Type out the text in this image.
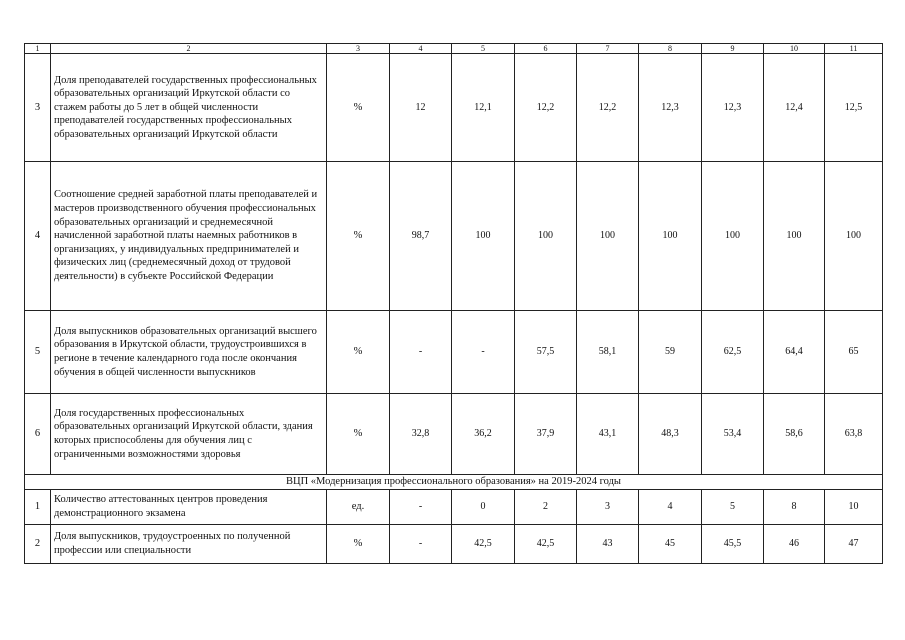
1	2	3	4	5	6	7	8	9	10	11
3	Доля преподавателей государственных профессиональных образовательных организаций Иркутской области со стажем работы до 5 лет в общей численности преподавателей государственных профессиональных образовательных организаций Иркутской области	%	12	12,1	12,2	12,2	12,3	12,3	12,4	12,5
4	Соотношение средней заработной платы преподавателей и мастеров производственного обучения профессиональных образовательных организаций и среднемесячной начисленной заработной платы наемных работников в организациях, у индивидуальных предпринимателей и физических лиц (среднемесячный доход от трудовой деятельности) в субъекте Российской Федерации	%	98,7	100	100	100	100	100	100	100
5	Доля выпускников образовательных организаций высшего образования в Иркутской области, трудоустроившихся в регионе в течение календарного года после окончания обучения в общей численности выпускников	%	-	-	57,5	58,1	59	62,5	64,4	65
6	Доля государственных профессиональных образовательных организаций Иркутской области, здания которых приспособлены для обучения лиц с ограниченными возможностями здоровья	%	32,8	36,2	37,9	43,1	48,3	53,4	58,6	63,8
ВЦП «Модернизация профессионального образования» на 2019-2024 годы										
1	Количество аттестованных центров проведения демонстрационного экзамена	ед.	-	0	2	3	4	5	8	10
2	Доля выпускников, трудоустроенных по полученной профессии или специальности	%	-	42,5	42,5	43	45	45,5	46	47
